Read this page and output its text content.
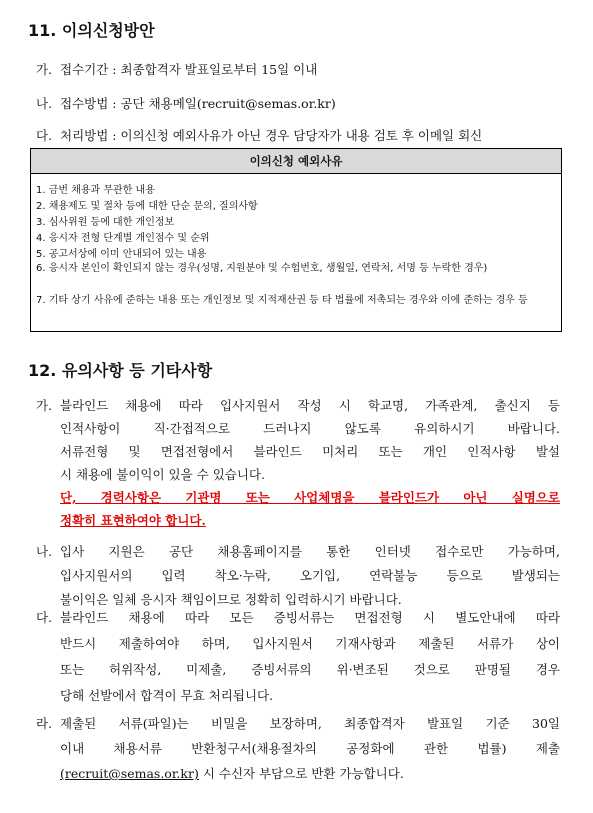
11. 이의신청방안
가. 접수기간 : 최종합격자 발표일로부터 15일 이내
나. 접수방법 : 공단 채용메일(recruit@semas.or.kr)
다. 처리방법 : 이의신청 예외사유가 아닌 경우 담당자가 내용 검토 후 이메일 회신
이의신청 예외사유
1. 금번 채용과 무관한 내용
2. 채용제도 및 절차 등에 대한 단순 문의, 질의사항
3. 심사위원 등에 대한 개인정보
4. 응시자 전형 단계별 개인점수 및 순위
5. 공고서상에 이미 안내되어 있는 내용
6. 응시자 본인이 확인되지 않는 경우(성명, 지원분야 및 수험번호, 생월일, 연락처, 서명 등 누락한 경우)
7. 기타 상기 사유에 준하는 내용 또는 개인정보 및 지적재산권 등 타 법률에 저촉되는 경우와 이에 준하는 경우 등
12. 유의사항 등 기타사항
가. 블라인드 채용에 따라 입사지원서 작성 시 학교명, 가족관계, 출신지 등
인적사항이 직·간접적으로 드러나지 않도록 유의하시기 바랍니다.
서류전형 및 면접전형에서 블라인드 미처리 또는 개인 인적사항 발설
시 채용에 불이익이 있을 수 있습니다.
단, 경력사항은 기관명 또는 사업체명을 블라인드가 아닌 실명으로
정확히 표현하여야 합니다.
나. 입사 지원은 공단 채용홈페이지를 통한 인터넷 접수로만 가능하며,
입사지원서의 입력 착오·누락, 오기입, 연락불능 등으로 발생되는
불이익은 일체 응시자 책임이므로 정확히 입력하시기 바랍니다.
다. 블라인드 채용에 따라 모든 증빙서류는 면접전형 시 별도안내에 따라
반드시 제출하여야 하며, 입사지원서 기재사항과 제출된 서류가 상이
또는 허위작성, 미제출, 증빙서류의 위·변조된 것으로 판명될 경우
당해 선발에서 합격이 무효 처리됩니다.
라. 제출된 서류(파일)는 비밀을 보장하며, 최종합격자 발표일 기준 30일
이내 채용서류 반환청구서(채용절차의 공정화에 관한 법률) 제출
(recruit@semas.or.kr) 시 수신자 부담으로 반환 가능합니다.
